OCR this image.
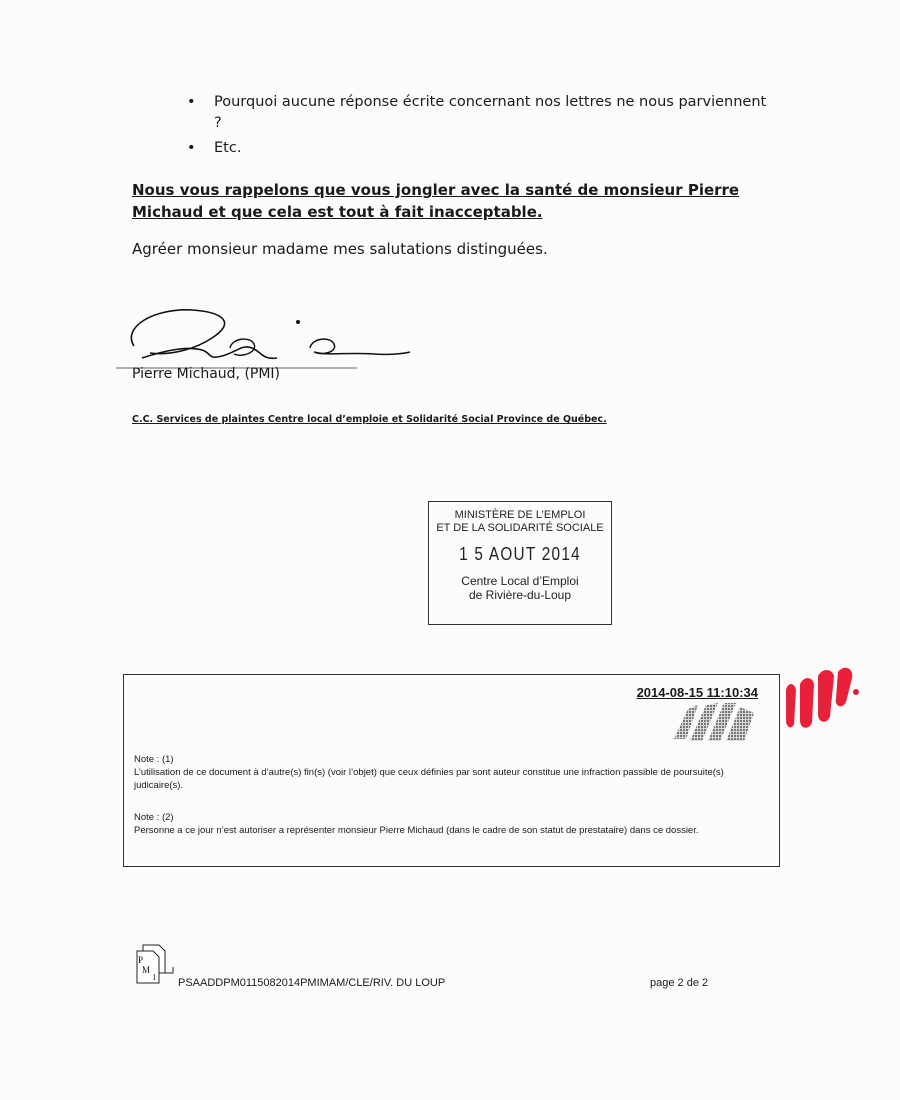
• Pourquoi aucune réponse écrite concernant nos lettres ne nous parviennent ?
• Etc.
Nous vous rappelons que vous jongler avec la santé de monsieur Pierre Michaud et que cela est tout à fait inacceptable.
Agréer monsieur madame mes salutations distinguées.
Pierre Michaud, (PMI)
C.C. Services de plaintes Centre local d’emploie et Solidarité Social Province de Québec.
MINISTÈRE DE L’EMPLOI
ET DE LA SOLIDARITÉ SOCIALE
1 5 AOUT 2014
Centre Local d’Emploi
de Rivière-du-Loup
2014-08-15 11:10:34
Note : (1)
L’utilisation de ce document à d’autre(s) fin(s) (voir l’objet) que ceux définies par sont auteur constitue une infraction passible de poursuite(s) judicaire(s).
Note : (2)
Personne a ce jour n’est autoriser a représenter monsieur Pierre Michaud (dans le cadre de son statut de prestataire) dans ce dossier.
P
M
I PSAADDPM0115082014PMIMAM/CLE/RIV. DU LOUP	page 2 de 2
